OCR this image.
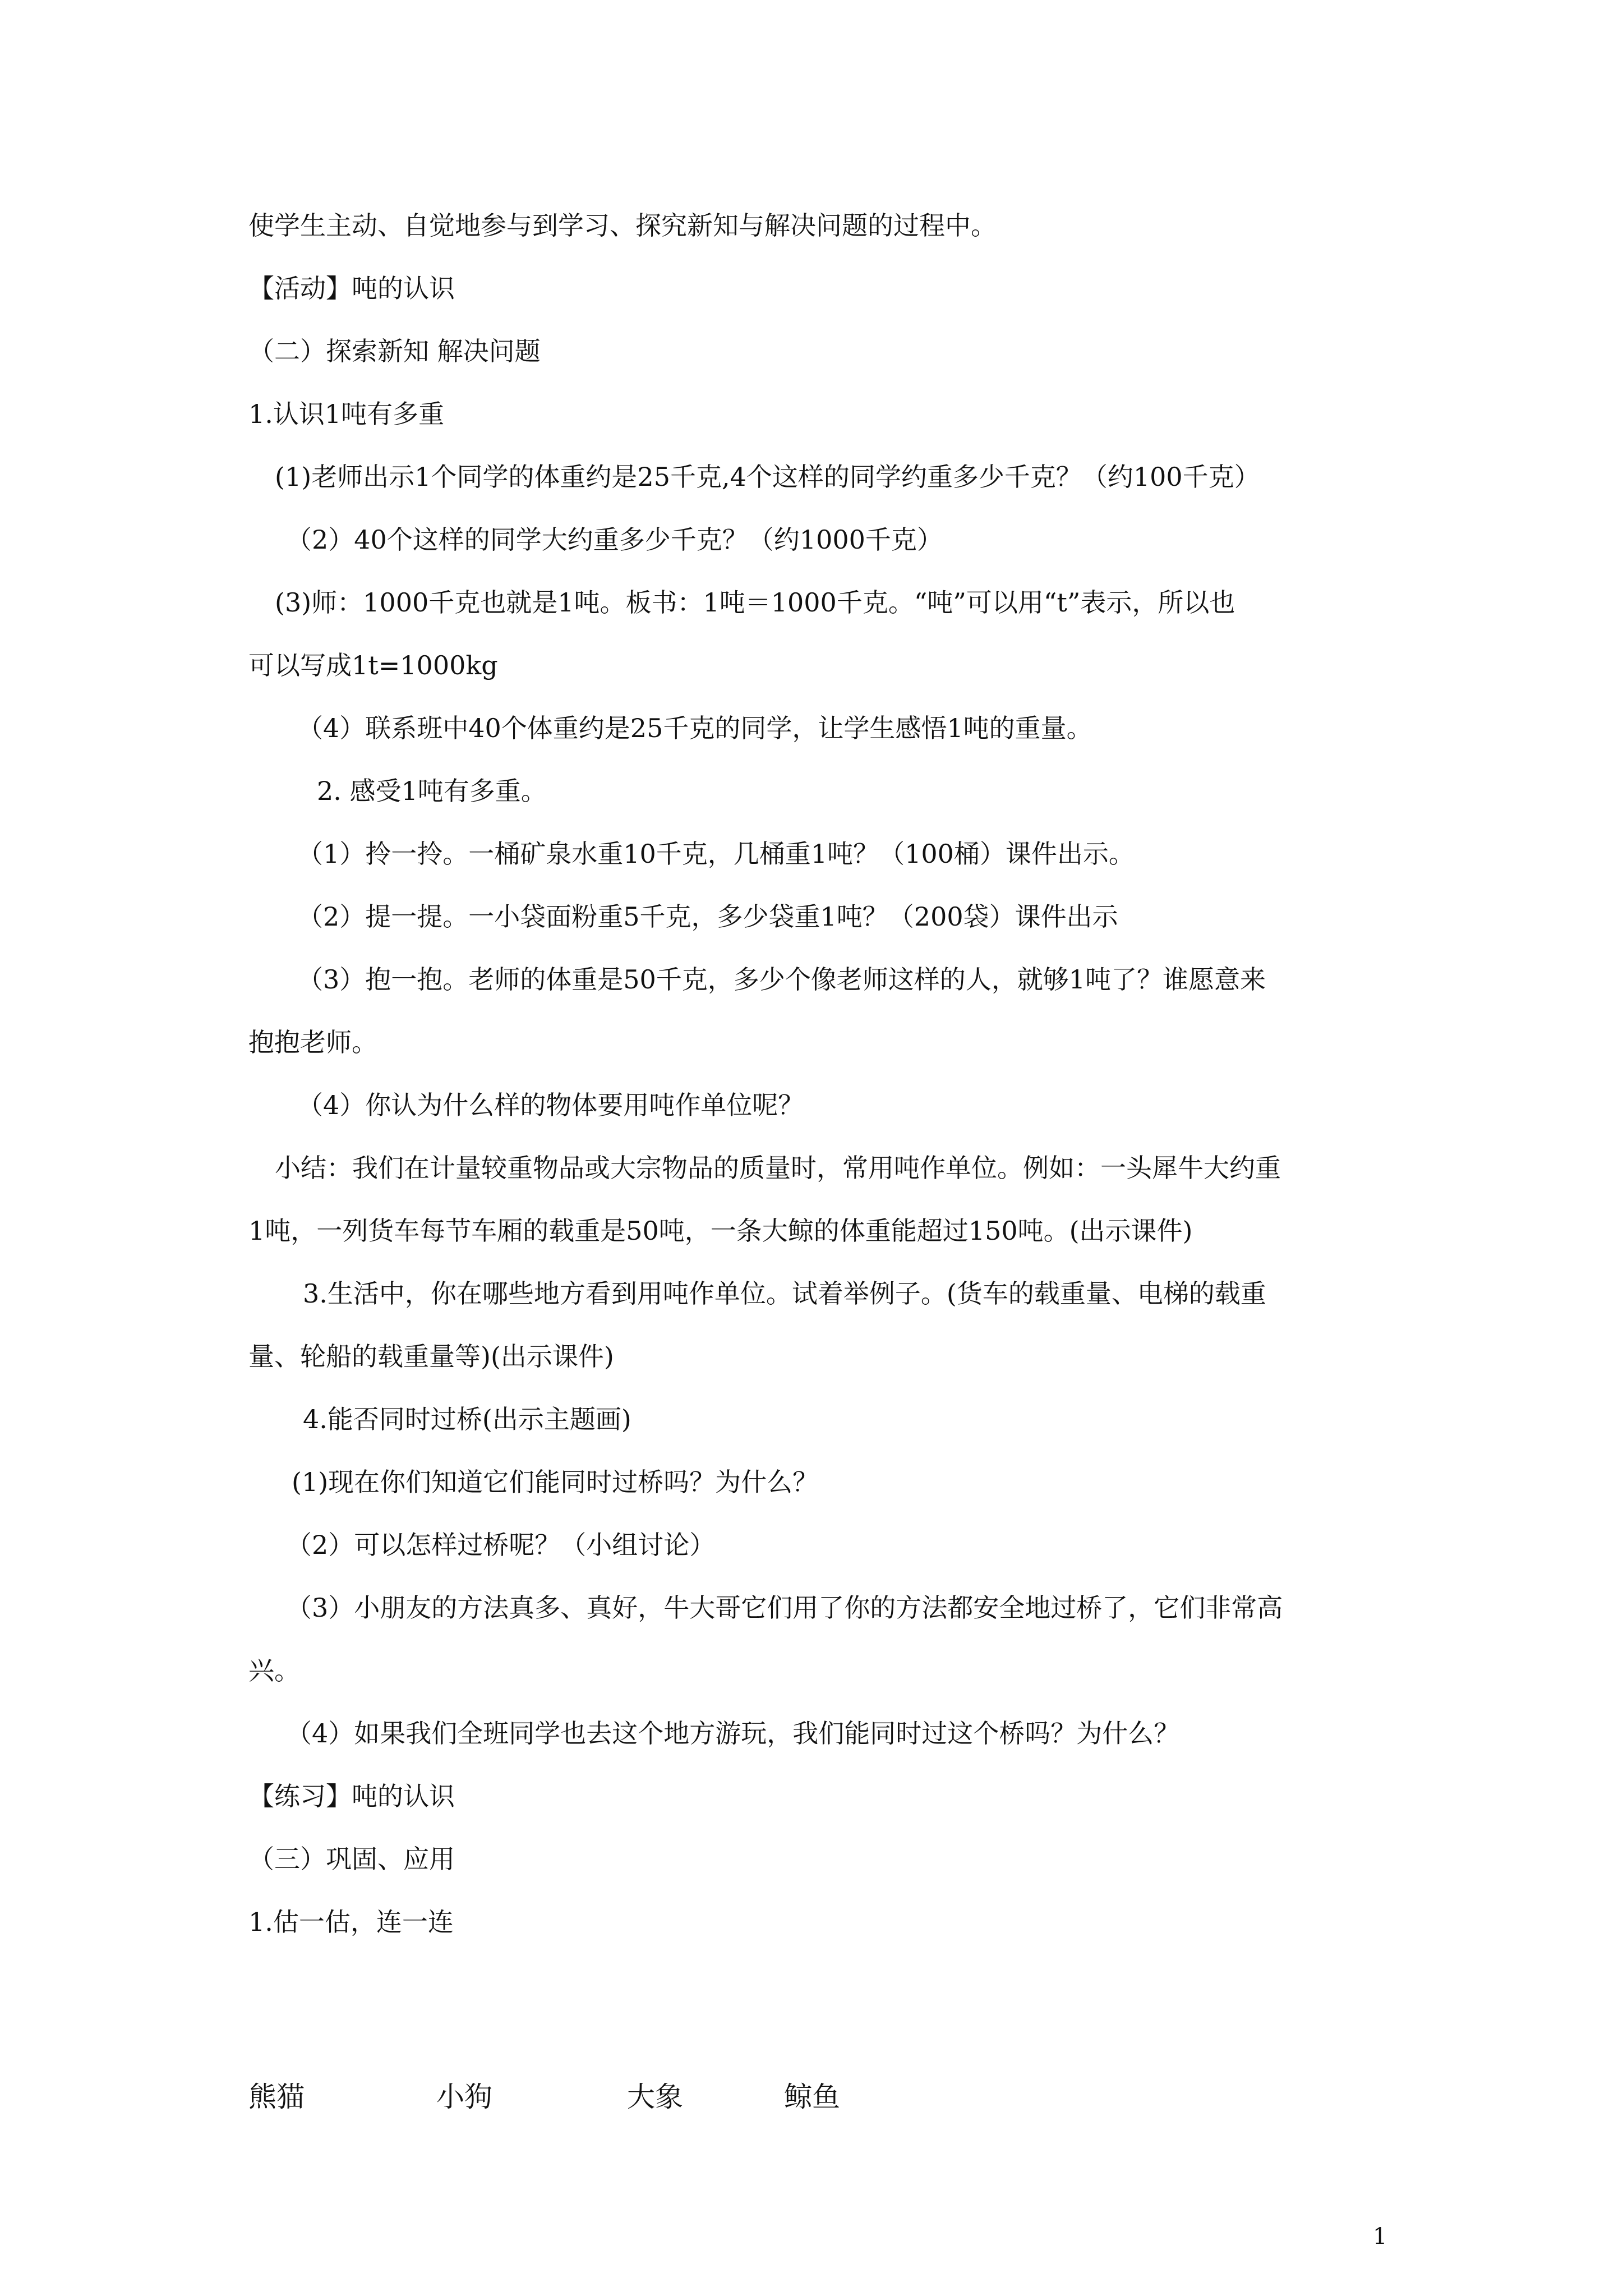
使学生主动、自觉地参与到学习、探究新知与解决问题的过程中。

【活动】吨的认识

（二）探索新知 解决问题

1.认识1吨有多重

(1)老师出示1个同学的体重约是25千克,4个这样的同学约重多少千克？（约100千克）

（2）40个这样的同学大约重多少千克？（约1000千克）

(3)师：1000千克也就是1吨。板书：1吨＝1000千克。“吨”可以用“t”表示，所以也

可以写成1t=1000kg

（4）联系班中40个体重约是25千克的同学，让学生感悟1吨的重量。

2. 感受1吨有多重。

（1）拎一拎。一桶矿泉水重10千克，几桶重1吨？（100桶）课件出示。

（2）提一提。一小袋面粉重5千克，多少袋重1吨？（200袋）课件出示

（3）抱一抱。老师的体重是50千克，多少个像老师这样的人，就够1吨了？谁愿意来

抱抱老师。

（4）你认为什么样的物体要用吨作单位呢？

小结：我们在计量较重物品或大宗物品的质量时，常用吨作单位。例如：一头犀牛大约重

1吨，一列货车每节车厢的载重是50吨，一条大鲸的体重能超过150吨。(出示课件)

3.生活中，你在哪些地方看到用吨作单位。试着举例子。(货车的载重量、电梯的载重

量、轮船的载重量等)(出示课件)

4.能否同时过桥(出示主题画)

(1)现在你们知道它们能同时过桥吗？为什么？

（2）可以怎样过桥呢？（小组讨论）

（3）小朋友的方法真多、真好，牛大哥它们用了你的方法都安全地过桥了，它们非常高

兴。

（4）如果我们全班同学也去这个地方游玩，我们能同时过这个桥吗？为什么？

【练习】吨的认识

（三）巩固、应用

1.估一估，连一连

熊猫	小狗	大象	鲸鱼
1
